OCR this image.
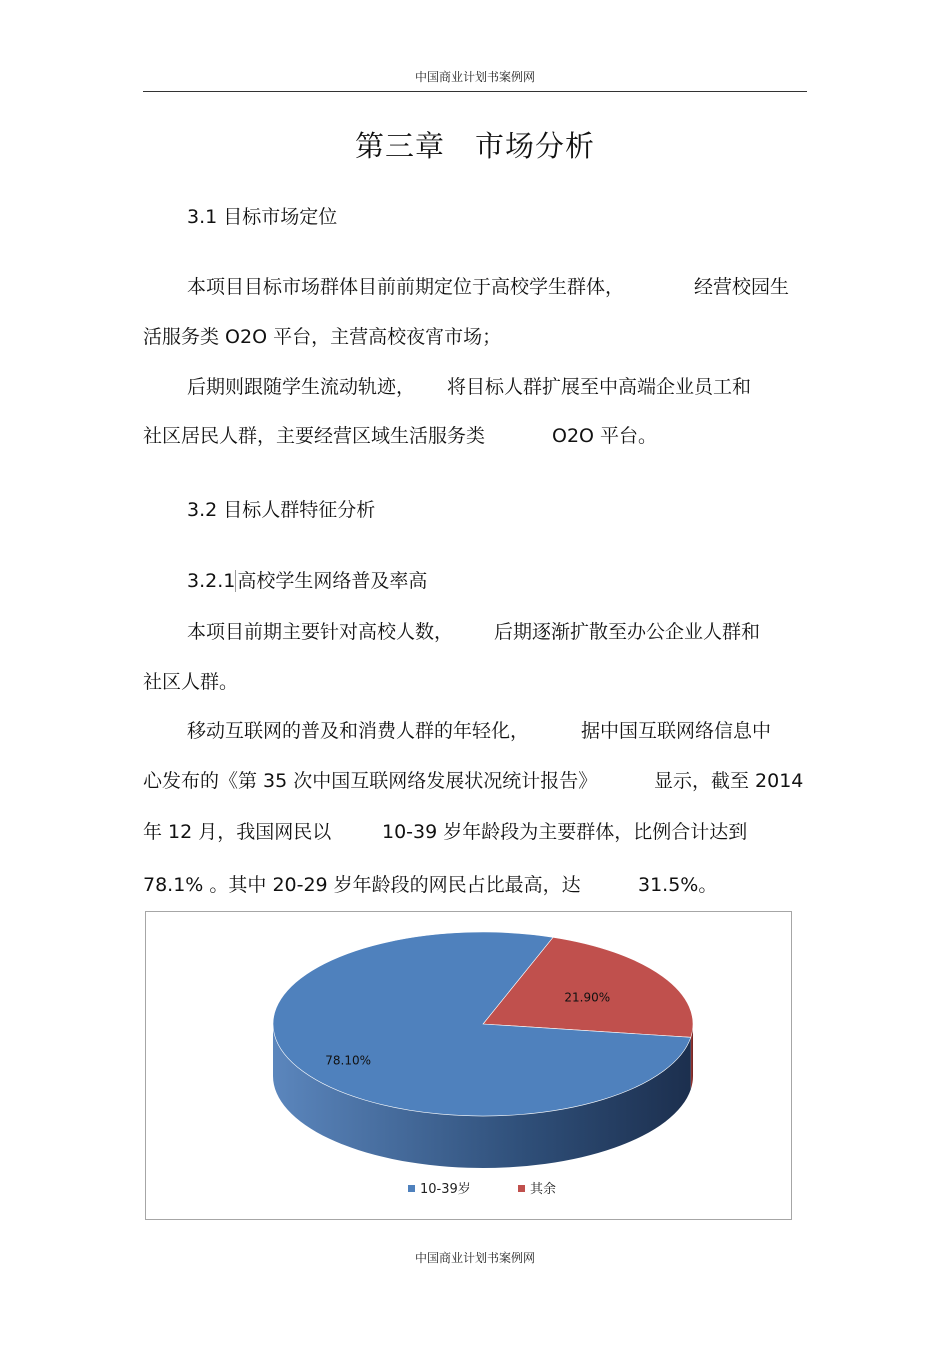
中国商业计划书案例网
第三章　市场分析
3.1 目标市场定位
本项目目标市场群体目前前期定位于高校学生群体，	经营校园生
活服务类 O2O 平台，主营高校夜宵市场；
后期则跟随学生流动轨迹， 将目标人群扩展至中高端企业员工和
社区居民人群，主要经营区域生活服务类	O2O 平台。
3.2 目标人群特征分析
3.2.1 高校学生网络普及率高
本项目前期主要针对高校人数， 后期逐渐扩散至办公企业人群和
社区人群。
移动互联网的普及和消费人群的年轻化，	据中国互联网络信息中
心发布的《第 35 次中国互联网络发展状况统计报告》	显示，截至 2014
年 12 月，我国网民以	10-39 岁年龄段为主要群体，比例合计达到
78.1% 。其中 20-29 岁年龄段的网民占比最高，达	31.5%。
21.90%
78.10%
10-39岁	其余
中国商业计划书案例网
